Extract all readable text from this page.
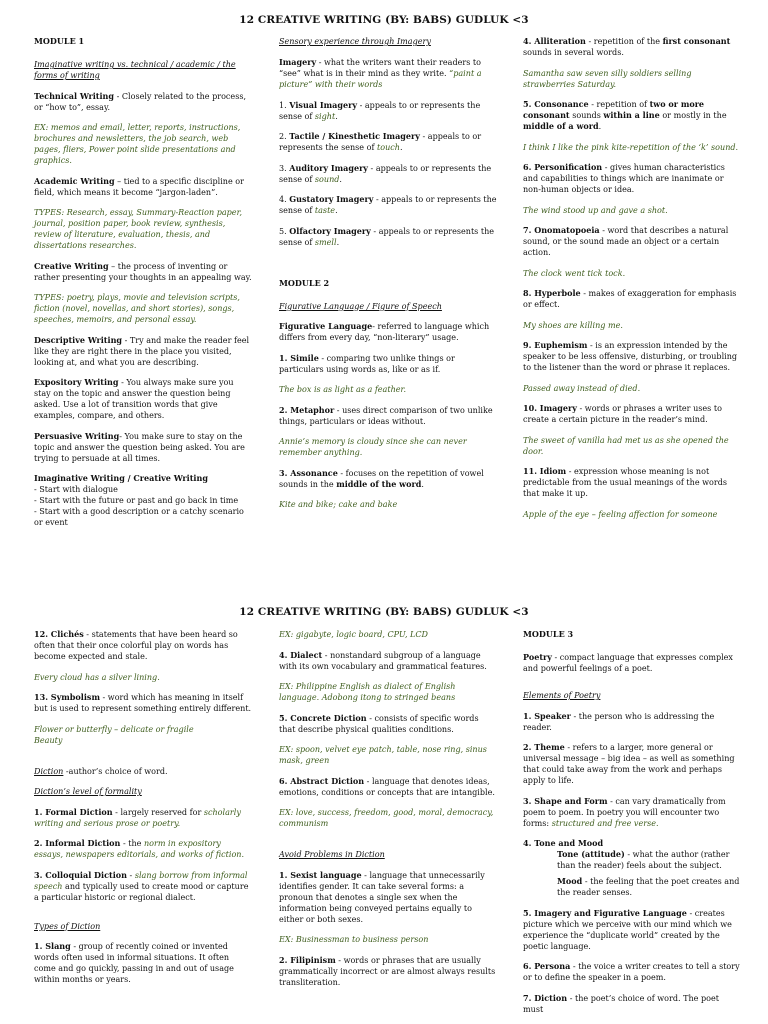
12 CREATIVE WRITING (BY: BABS) GUDLUK <3

MODULE 1

Imaginative writing vs. technical / academic / the forms of writing

Technical Writing - Closely related to the process, or “how to”, essay.

EX: memos and email, letter, reports, instructions, brochures and newsletters, the job search, web pages, fliers, Power point slide presentations and graphics.

Academic Writing – tied to a specific discipline or field, which means it become “jargon-laden”.

TYPES: Research, essay, Summary-Reaction paper, journal, position paper, book review, synthesis, review of literature, evaluation, thesis, and dissertations researches.

Creative Writing – the process of inventing or rather presenting your thoughts in an appealing way.

TYPES: poetry, plays, movie and television scripts, fiction (novel, novellas, and short stories), songs, speeches, memoirs, and personal essay.

Descriptive Writing - Try and make the reader feel like they are right there in the place you visited, looking at, and what you are describing.

Expository Writing - You always make sure you stay on the topic and answer the question being asked. Use a lot of transition words that give examples, compare, and others.

Persuasive Writing- You make sure to stay on the topic and answer the question being asked. You are trying to persuade at all times.

Imaginative Writing / Creative Writing

- Start with dialogue
- Start with the future or past and go back in time
- Start with a good description or a catchy scenario or event

Sensory experience through Imagery

Imagery - what the writers want their readers to “see” what is in their mind as they write. “paint a picture” with their words

1. Visual Imagery - appeals to or represents the sense of sight.

2. Tactile / Kinesthetic Imagery - appeals to or represents the sense of touch.

3. Auditory Imagery - appeals to or represents the sense of sound.

4. Gustatory Imagery - appeals to or represents the sense of taste.

5. Olfactory Imagery - appeals to or represents the sense of smell.

MODULE 2

Figurative Language / Figure of Speech

Figurative Language- referred to language which differs from every day, “non-literary” usage.

1. Simile - comparing two unlike things or particulars using words as, like or as if.

The box is as light as a feather.

2. Metaphor - uses direct comparison of two unlike things, particulars or ideas without.

Annie’s memory is cloudy since she can never remember anything.

3. Assonance - focuses on the repetition of vowel sounds in the middle of the word.

Kite and bike; cake and bake

4. Alliteration - repetition of the first consonant sounds in several words.

Samantha saw seven silly soldiers selling strawberries Saturday.

5. Consonance - repetition of two or more consonant sounds within a line or mostly in the middle of a word.

I think I like the pink kite-repetition of the ‘k’ sound.

6. Personification - gives human characteristics and capabilities to things which are inanimate or non-human objects or idea.

The wind stood up and gave a shot.

7. Onomatopoeia - word that describes a natural sound, or the sound made an object or a certain action.

The clock went tick tock.

8. Hyperbole - makes of exaggeration for emphasis or effect.

My shoes are killing me.

9. Euphemism - is an expression intended by the speaker to be less offensive, disturbing, or troubling to the listener than the word or phrase it replaces.

Passed away instead of died.

10. Imagery - words or phrases a writer uses to create a certain picture in the reader’s mind.

The sweet of vanilla had met us as she opened the door.

11. Idiom - expression whose meaning is not predictable from the usual meanings of the words that make it up.

Apple of the eye – feeling affection for someone

12 CREATIVE WRITING (BY: BABS) GUDLUK <3

12. Clichés - statements that have been heard so often that their once colorful play on words has become expected and stale.

Every cloud has a silver lining.

13. Symbolism - word which has meaning in itself but is used to represent something entirely different.

Flower or butterfly – delicate or fragile

Beauty

Diction -author’s choice of word.

Diction’s level of formality

1. Formal Diction - largely reserved for scholarly writing and serious prose or poetry.

2. Informal Diction - the norm in expository essays, newspapers editorials, and works of fiction.

3. Colloquial Diction - slang borrow from informal speech and typically used to create mood or capture a particular historic or regional dialect.

Types of Diction

1. Slang - group of recently coined or invented words often used in informal situations. It often come and go quickly, passing in and out of usage within months or years.

EX: gigabyte, logic board, CPU, LCD

4. Dialect - nonstandard subgroup of a language with its own vocabulary and grammatical features.

EX: Philippine English as dialect of English language. Adobong itong to stringed beans

5. Concrete Diction - consists of specific words that describe physical qualities conditions.

EX: spoon, velvet eye patch, table, nose ring, sinus mask, green

6. Abstract Diction - language that denotes ideas, emotions, conditions or concepts that are intangible.

EX: love, success, freedom, good, moral, democracy, communism

Avoid Problems in Diction

1. Sexist language - language that unnecessarily identifies gender. It can take several forms: a pronoun that denotes a single sex when the information being conveyed pertains equally to either or both sexes.

EX: Businessman to business person

2. Filipinism - words or phrases that are usually grammatically incorrect or are almost always results transliteration.

MODULE 3

Poetry - compact language that expresses complex and powerful feelings of a poet.

Elements of Poetry

1. Speaker - the person who is addressing the reader.

2. Theme - refers to a larger, more general or universal message – big idea – as well as something that could take away from the work and perhaps apply to life.

3. Shape and Form - can vary dramatically from poem to poem. In poetry you will encounter two forms: structured and free verse.

4. Tone and Mood

Tone (attitude) - what the author (rather than the reader) feels about the subject.

Mood - the feeling that the poet creates and the reader senses.

5. Imagery and Figurative Language - creates picture which we perceive with our mind which we experience the “duplicate world” created by the poetic language.

6. Persona - the voice a writer creates to tell a story or to define the speaker in a poem.

7. Diction - the poet’s choice of word. The poet must
